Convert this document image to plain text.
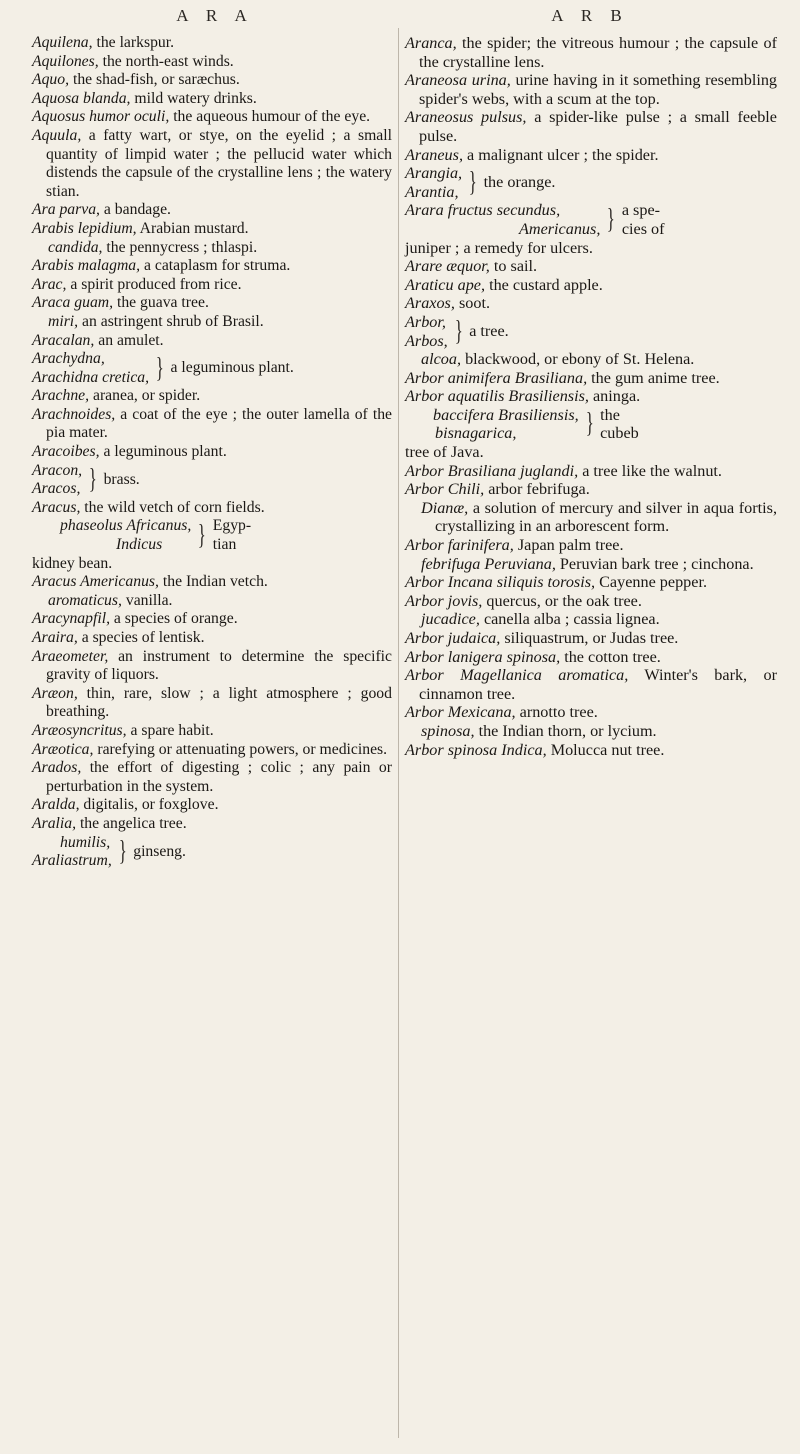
A R A	A R B

Aquilena, the larkspur.

Aquilones, the north-east winds.

Aquo, the shad-fish, or saræchus.

Aquosa blanda, mild watery drinks.

Aquosus humor oculi, the aqueous humour of the eye.

Aquula, a fatty wart, or stye, on the eyelid ; a small quantity of limpid water ; the pellucid water which distends the capsule of the crystalline lens ; the watery stian.

Ara parva, a bandage.

Arabis lepidium, Arabian mustard.

candida, the pennycress ; thlaspi.

Arabis malagma, a cataplasm for struma.

Arac, a spirit produced from rice.

Araca guam, the guava tree.

miri, an astringent shrub of Brasil.

Aracalan, an amulet.

Arachydna,
Arachidna cretica, } a leguminous plant.

Arachne, aranea, or spider.

Arachnoides, a coat of the eye ; the outer lamella of the pia mater.

Aracoibes, a leguminous plant.

Aracon,
Aracos, } brass.

Aracus, the wild vetch of corn fields.

phaseolus Africanus,
Indicus	} Egyp-
tian
kidney bean.

Aracus Americanus, the Indian vetch.

aromaticus, vanilla.

Aracynapfil, a species of orange.

Araira, a species of lentisk.

Araeometer, an instrument to determine the specific gravity of liquors.

Aræon, thin, rare, slow ; a light atmosphere ; good breathing.

Aræosyncritus, a spare habit.

Aræotica, rarefying or attenuating powers, or medicines.

Arados, the effort of digesting ; colic ; any pain or perturbation in the system.

Aralda, digitalis, or foxglove.

Aralia, the angelica tree.

humilis,
Araliastrum, } ginseng.

Aranca, the spider; the vitreous humour ; the capsule of the crystalline lens.

Araneosa urina, urine having in it something resembling spider's webs, with a scum at the top.

Araneosus pulsus, a spider-like pulse ; a small feeble pulse.

Araneus, a malignant ulcer ; the spider.

Arangia,
Arantia, } the orange.
Arara fructus secundus,
Americanus, } a spe-
cies of
juniper ; a remedy for ulcers.

Arare æquor, to sail.

Araticu ape, the custard apple.

Araxos, soot.

Arbor,
Arbos, } a tree.

alcoa, blackwood, or ebony of St. Helena.

Arbor animifera Brasiliana, the gum anime tree.

Arbor aquatilis Brasiliensis, aninga.

baccifera Brasiliensis,
bisnagarica,	} the
cubeb
tree of Java.

Arbor Brasiliana juglandi, a tree like the walnut.

Arbor Chili, arbor febrifuga.

Dianæ, a solution of mercury and silver in aqua fortis, crystallizing in an arborescent form.

Arbor farinifera, Japan palm tree.

febrifuga Peruviana, Peruvian bark tree ; cinchona.

Arbor Incana siliquis torosis, Cayenne pepper.

Arbor jovis, quercus, or the oak tree.

jucadice, canella alba ; cassia lignea.

Arbor judaica, siliquastrum, or Judas tree.

Arbor lanigera spinosa, the cotton tree.

Arbor Magellanica aromatica, Winter's bark, or cinnamon tree.

Arbor Mexicana, arnotto tree.

spinosa, the Indian thorn, or lycium.

Arbor spinosa Indica, Molucca nut tree.
